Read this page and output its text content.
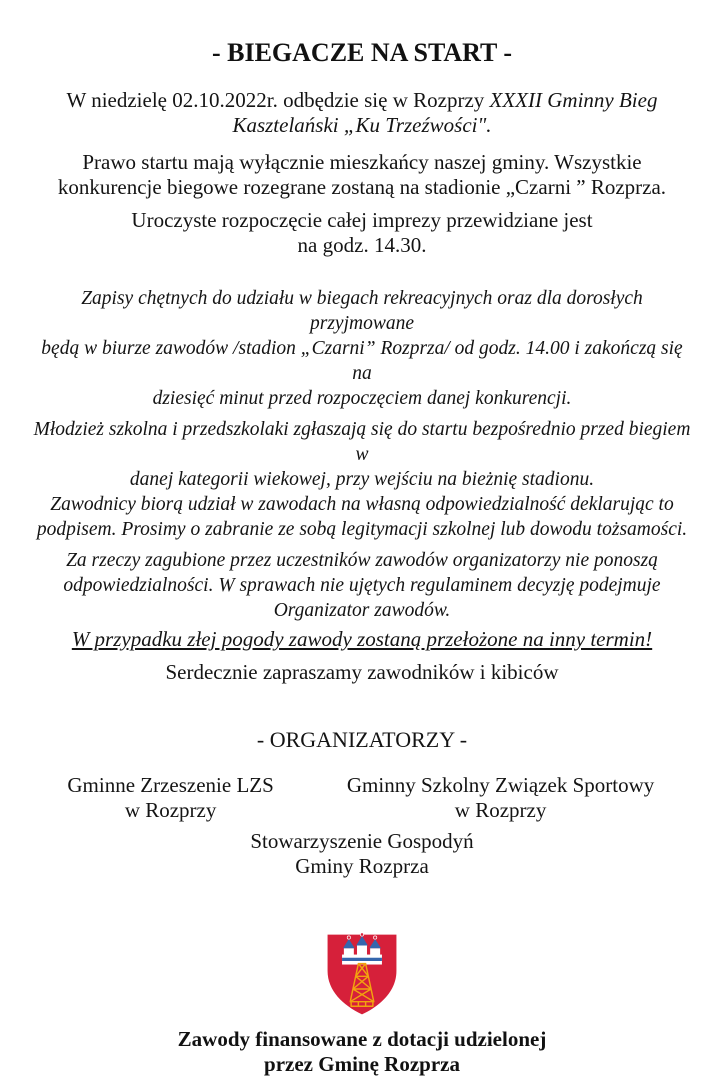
- BIEGACZE NA START -

W niedzielę 02.10.2022r. odbędzie się w Rozprzy XXXII Gminny Bieg
Kasztelański „Ku Trzeźwości".

Prawo startu mają wyłącznie mieszkańcy naszej gminy. Wszystkie
konkurencje biegowe rozegrane zostaną na stadionie „Czarni ” Rozprza.

Uroczyste rozpoczęcie całej imprezy przewidziane jest
na godz. 14.30.

Zapisy chętnych do udziału w biegach rekreacyjnych oraz dla dorosłych przyjmowane
będą w biurze zawodów /stadion „Czarni” Rozprza/ od godz. 14.00 i zakończą się na
dziesięć minut przed rozpoczęciem danej konkurencji.

Młodzież szkolna i przedszkolaki zgłaszają się do startu bezpośrednio przed biegiem w
danej kategorii wiekowej, przy wejściu na bieżnię stadionu.
Zawodnicy biorą udział w zawodach na własną odpowiedzialność deklarując to
podpisem. Prosimy o zabranie ze sobą legitymacji szkolnej lub dowodu tożsamości.

Za rzeczy zagubione przez uczestników zawodów organizatorzy nie ponoszą
odpowiedzialności. W sprawach nie ujętych regulaminem decyzję podejmuje
Organizator zawodów.

W przypadku złej pogody zawody zostaną przełożone na inny termin!

Serdecznie zapraszamy zawodników i kibiców

- ORGANIZATORZY -
Gminne Zrzeszenie LZS
w Rozprzy
Gminny Szkolny Związek Sportowy
w Rozprzy
Stowarzyszenie Gospodyń
Gminy Rozprza

Zawody finansowane z dotacji udzielonej
przez Gminę Rozprza
